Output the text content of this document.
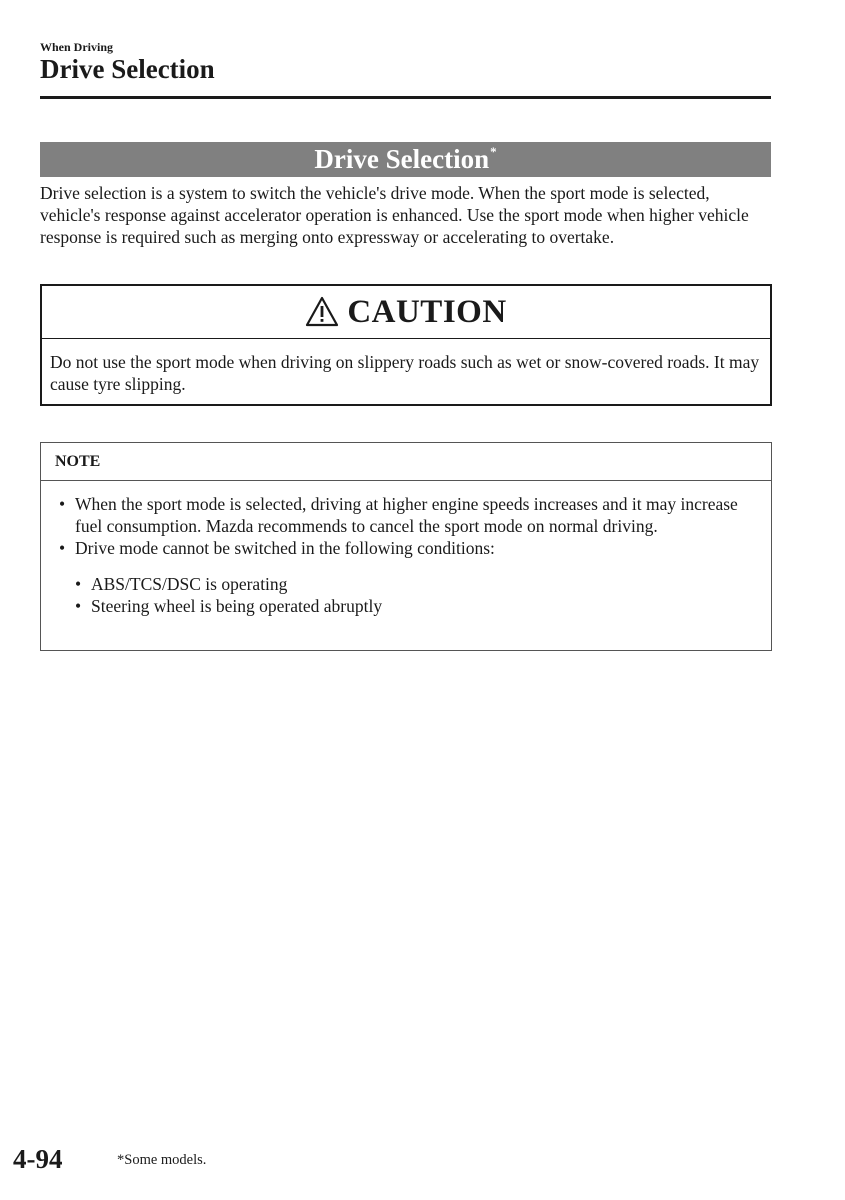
When Driving
Drive Selection
Drive Selection*
Drive selection is a system to switch the vehicle's drive mode. When the sport mode is selected, vehicle's response against accelerator operation is enhanced. Use the sport mode when higher vehicle response is required such as merging onto expressway or accelerating to overtake.
CAUTION
Do not use the sport mode when driving on slippery roads such as wet or snow-covered roads. It may cause tyre slipping.
NOTE
• When the sport mode is selected, driving at higher engine speeds increases and it may increase fuel consumption. Mazda recommends to cancel the sport mode on normal driving.
• Drive mode cannot be switched in the following conditions:
• ABS/TCS/DSC is operating
• Steering wheel is being operated abruptly
4-94	*Some models.
